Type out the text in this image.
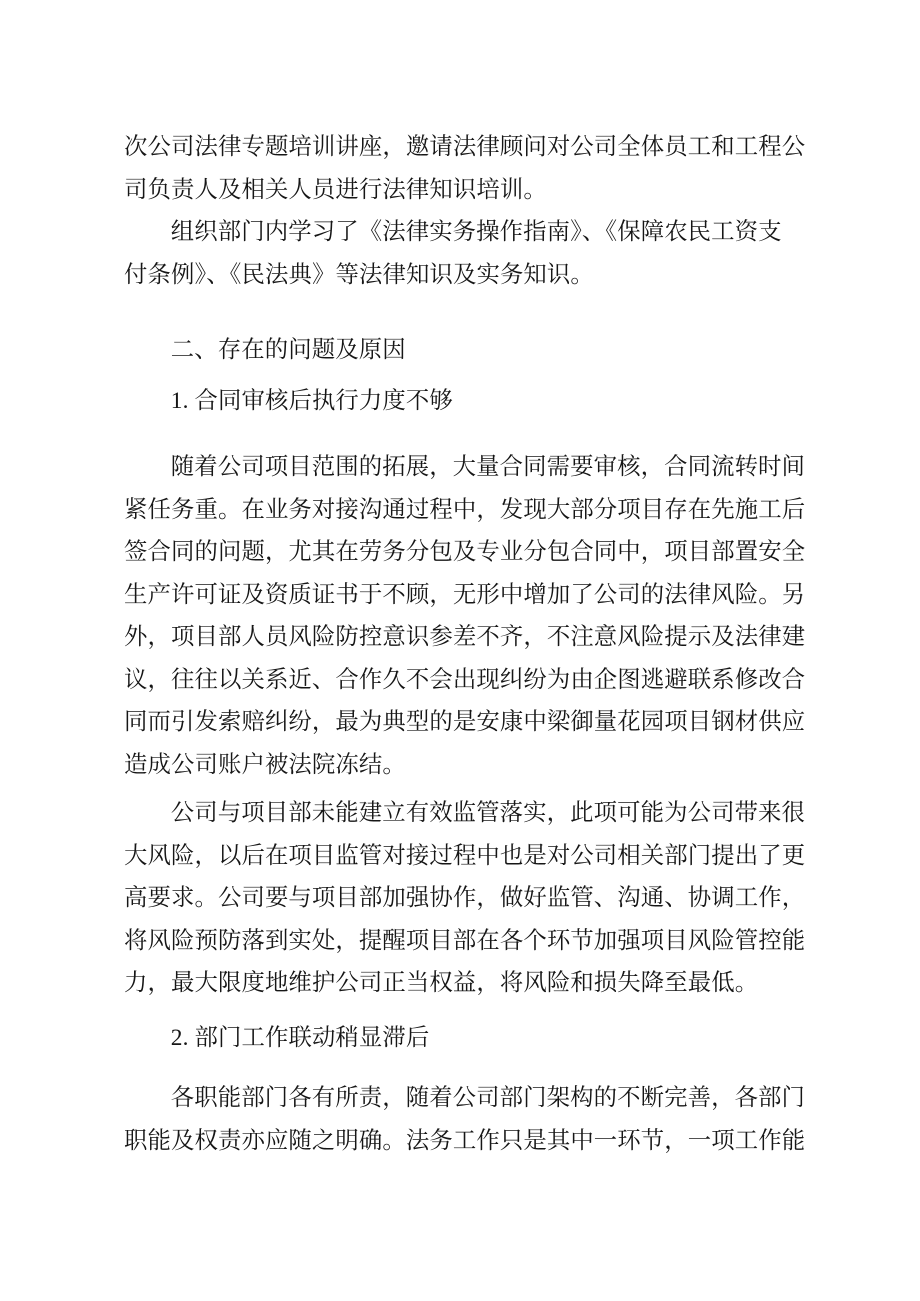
次公司法律专题培训讲座，邀请法律顾问对公司全体员工和工程公
司负责人及相关人员进行法律知识培训。
组织部门内学习了《法律实务操作指南》、《保障农民工资支
付条例》、《民法典》等法律知识及实务知识。
二、存在的问题及原因
1. 合同审核后执行力度不够
随着公司项目范围的拓展，大量合同需要审核，合同流转时间
紧任务重。在业务对接沟通过程中，发现大部分项目存在先施工后
签合同的问题，尤其在劳务分包及专业分包合同中，项目部置安全
生产许可证及资质证书于不顾，无形中增加了公司的法律风险。另
外，项目部人员风险防控意识参差不齐，不注意风险提示及法律建
议，往往以关系近、合作久不会出现纠纷为由企图逃避联系修改合
同而引发索赔纠纷，最为典型的是安康中梁御量花园项目钢材供应
造成公司账户被法院冻结。
公司与项目部未能建立有效监管落实，此项可能为公司带来很
大风险，以后在项目监管对接过程中也是对公司相关部门提出了更
高要求。公司要与项目部加强协作，做好监管、沟通、协调工作，
将风险预防落到实处，提醒项目部在各个环节加强项目风险管控能
力，最大限度地维护公司正当权益，将风险和损失降至最低。
2. 部门工作联动稍显滞后
各职能部门各有所责，随着公司部门架构的不断完善，各部门
职能及权责亦应随之明确。法务工作只是其中一环节，一项工作能
